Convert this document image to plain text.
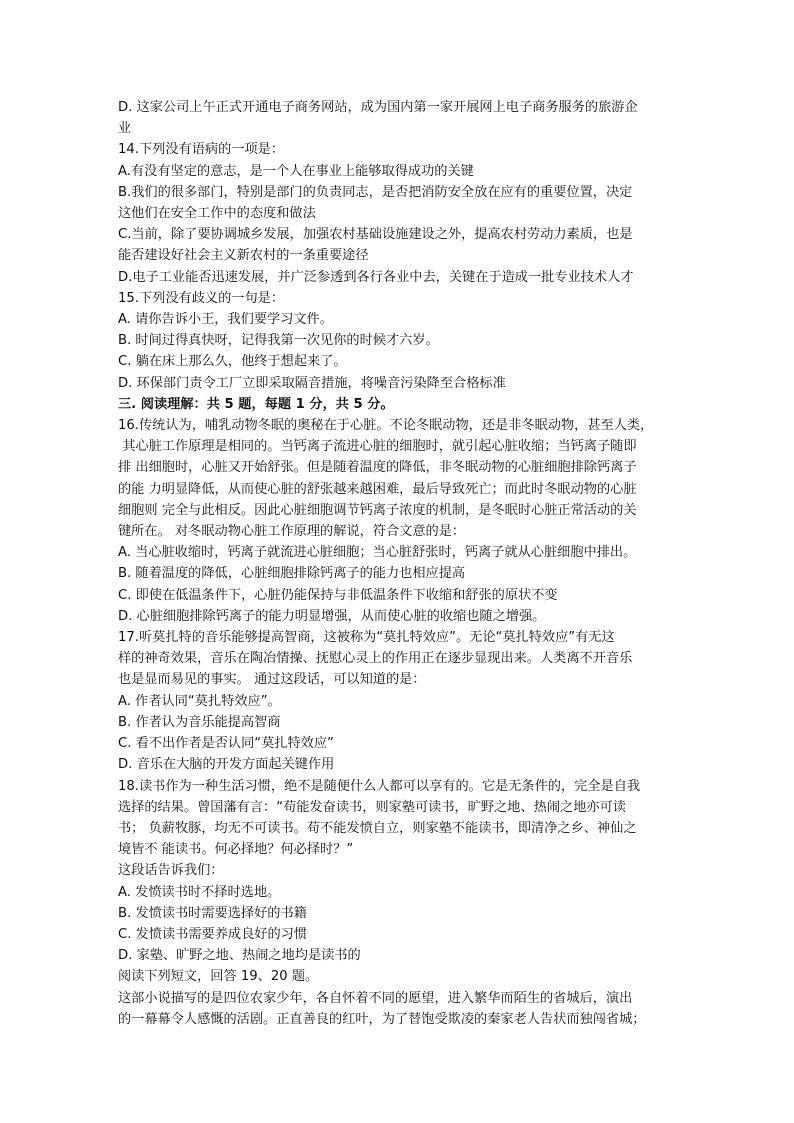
D. 这家公司上午正式开通电子商务网站，成为国内第一家开展网上电子商务服务的旅游企
业
14.下列没有语病的一项是：
A.有没有坚定的意志，是一个人在事业上能够取得成功的关键
B.我们的很多部门，特别是部门的负责同志，是否把消防安全放在应有的重要位置，决定
这他们在安全工作中的态度和做法
C.当前，除了要协调城乡发展，加强农村基础设施建设之外，提高农村劳动力素质，也是
能否建设好社会主义新农村的一条重要途径
D.电子工业能否迅速发展，并广泛参透到各行各业中去，关键在于造成一批专业技术人才
15.下列没有歧义的一句是：
A. 请你告诉小王，我们要学习文件。
B. 时间过得真快呀，记得我第一次见你的时候才六岁。
C. 躺在床上那么久，他终于想起来了。
D. 环保部门责令工厂立即采取隔音措施，将噪音污染降至合格标准
三. 阅读理解：共 5 题，每题 1 分，共 5 分。
16.传统认为，哺乳动物冬眠的奥秘在于心脏。不论冬眠动物，还是非冬眠动物，甚至人类，
其心脏工作原理是相同的。当钙离子流进心脏的细胞时，就引起心脏收缩；当钙离子随即
排 出细胞时，心脏又开始舒张。但是随着温度的降低，非冬眠动物的心脏细胞排除钙离子
的能 力明显降低，从而使心脏的舒张越来越困难，最后导致死亡；而此时冬眠动物的心脏
细胞则 完全与此相反。因此心脏细胞调节钙离子浓度的机制，是冬眠时心脏正常活动的关
键所在。 对冬眠动物心脏工作原理的解说，符合文意的是：
A. 当心脏收缩时，钙离子就流进心脏细胞；当心脏舒张时，钙离子就从心脏细胞中排出。
B. 随着温度的降低，心脏细胞排除钙离子的能力也相应提高
C. 即使在低温条件下，心脏仍能保持与非低温条件下收缩和舒张的原状不变
D. 心脏细胞排除钙离子的能力明显增强，从而使心脏的收缩也随之增强。
17.听莫扎特的音乐能够提高智商，这被称为“莫扎特效应”。无论“莫扎特效应”有无这
样的神奇效果，音乐在陶冶情操、抚慰心灵上的作用正在逐步显现出来。人类离不开音乐
也是显而易见的事实。 通过这段话，可以知道的是：
A. 作者认同“莫扎特效应”。
B. 作者认为音乐能提高智商
C. 看不出作者是否认同“莫扎特效应”
D. 音乐在大脑的开发方面起关键作用
18.读书作为一种生活习惯，绝不是随便什么人都可以享有的。它是无条件的，完全是自我
选择的结果。曾国藩有言：“苟能发奋读书，则家塾可读书，旷野之地、热闹之地亦可读
书； 负薪牧豚，均无不可读书。苟不能发愤自立，则家塾不能读书，即清净之乡、神仙之
境皆不 能读书。何必择地？何必择时？”
这段话告诉我们：
A. 发愤读书时不择时选地。
B. 发愤读书时需要选择好的书籍
C. 发愤读书需要养成良好的习惯
D. 家塾、旷野之地、热闹之地均是读书的
阅读下列短文，回答 19、20 题。
这部小说描写的是四位农家少年，各自怀着不同的愿望，进入繁华而陌生的省城后，演出
的一幕幕令人感慨的活剧。正直善良的红叶，为了替饱受欺凌的秦家老人告状而独闯省城；
